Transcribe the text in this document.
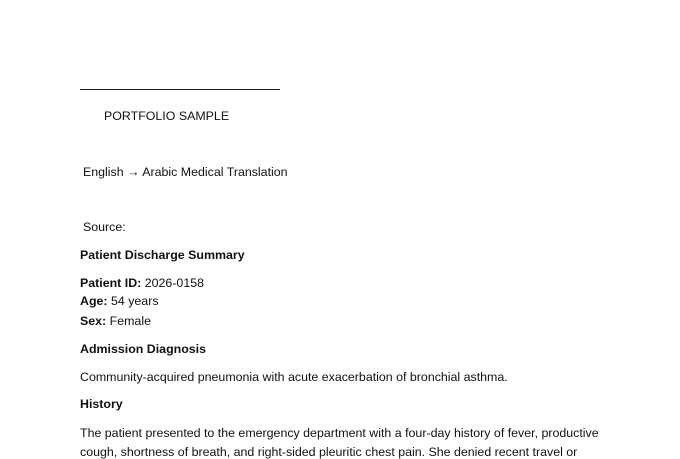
PORTFOLIO SAMPLE
English → Arabic Medical Translation
Source:
Patient Discharge Summary
Patient ID: 2026-0158
Age: 54 years
Sex: Female
Admission Diagnosis
Community-acquired pneumonia with acute exacerbation of bronchial asthma.
History
The patient presented to the emergency department with a four-day history of fever, productive cough, shortness of breath, and right-sided pleuritic chest pain. She denied recent travel or
